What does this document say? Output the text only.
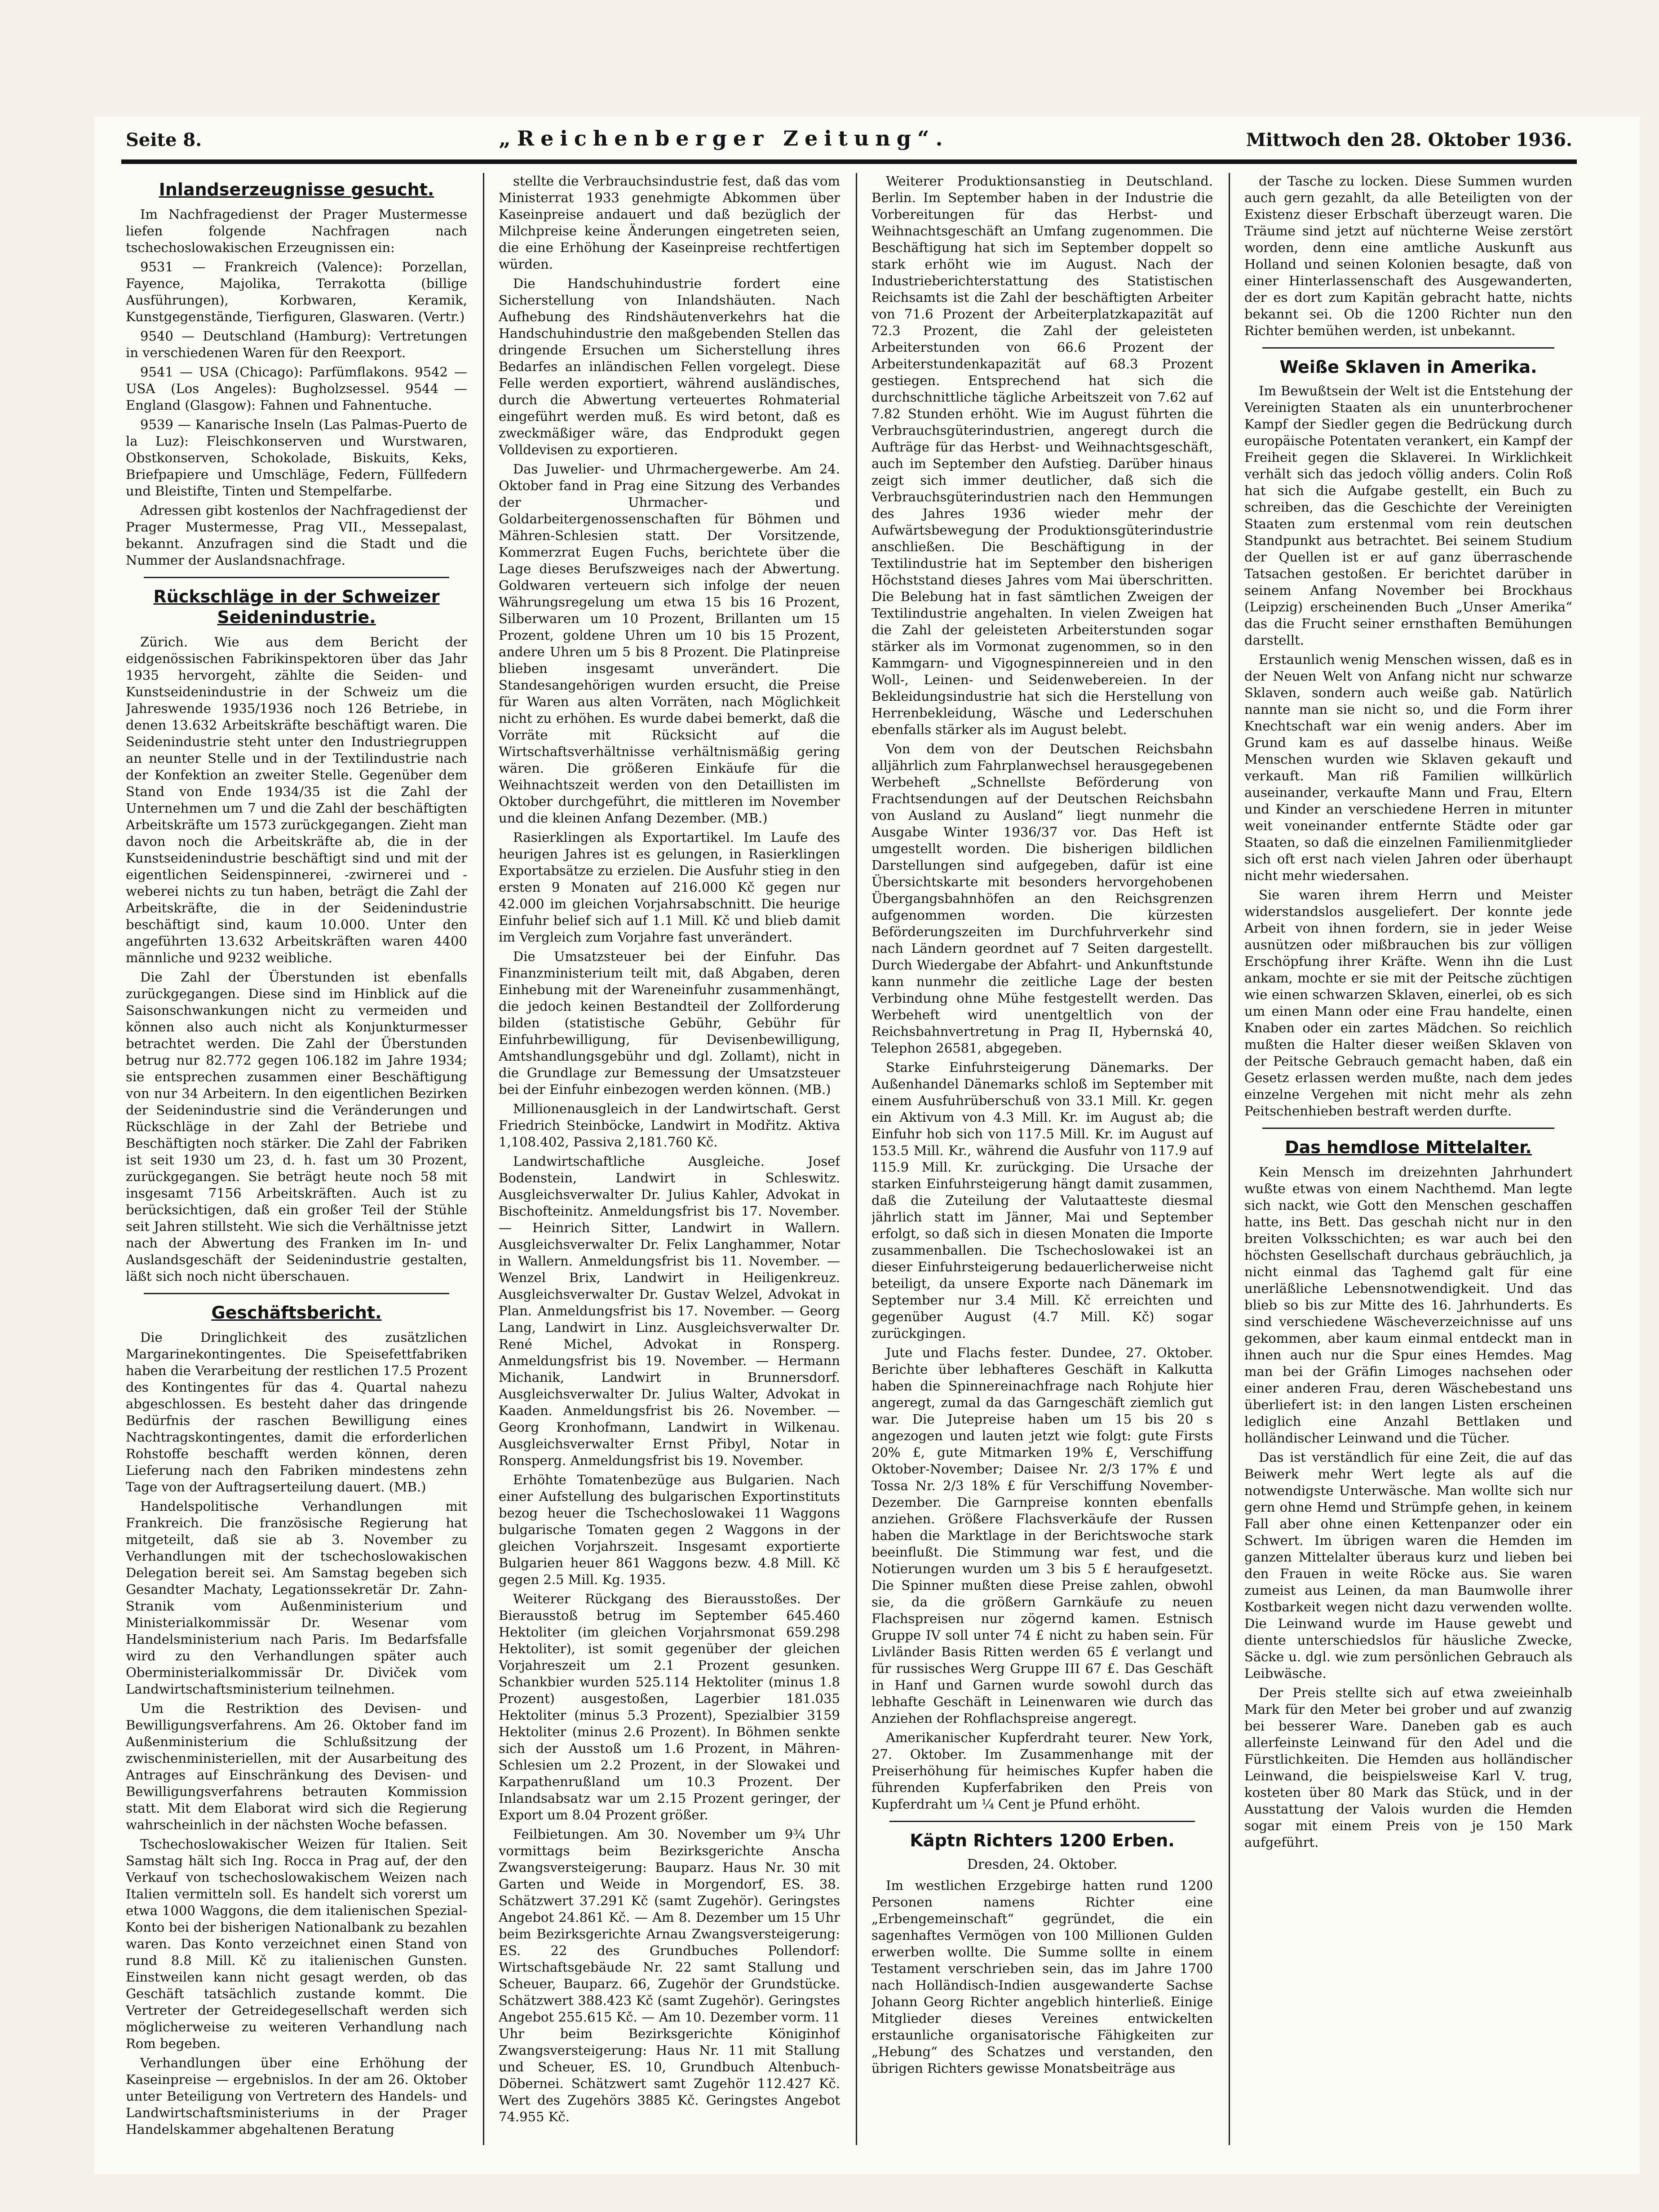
Seite 8.	„Reichenberger Zeitung“.	Mittwoch den 28. Oktober 1936.
Inlandserzeugnisse gesucht.

Im Nachfragedienst der Prager Mustermesse liefen folgende Nachfragen nach tschechoslowakischen Erzeugnissen ein:

9531 — Frankreich (Valence): Porzellan, Fayence, Majolika, Terrakotta (billige Ausführungen), Korbwaren, Keramik, Kunstgegenstände, Tierfiguren, Glaswaren. (Vertr.)

9540 — Deutschland (Hamburg): Vertretungen in verschiedenen Waren für den Reexport.

9541 — USA (Chicago): Parfümflakons. 9542 — USA (Los Angeles): Bugholzsessel. 9544 — England (Glasgow): Fahnen und Fahnentuche.

9539 — Kanarische Inseln (Las Palmas-Puerto de la Luz): Fleischkonserven und Wurstwaren, Obstkonserven, Schokolade, Biskuits, Keks, Briefpapiere und Umschläge, Federn, Füllfedern und Bleistifte, Tinten und Stempelfarbe.

Adressen gibt kostenlos der Nachfragedienst der Prager Mustermesse, Prag VII., Messepalast, bekannt. Anzufragen sind die Stadt und die Nummer der Auslandsnachfrage.

Rückschläge in der Schweizer Seidenindustrie.

Zürich. Wie aus dem Bericht der eidgenössischen Fabrikinspektoren über das Jahr 1935 hervorgeht, zählte die Seiden- und Kunstseidenindustrie in der Schweiz um die Jahreswende 1935/1936 noch 126 Betriebe, in denen 13.632 Arbeitskräfte beschäftigt waren. Die Seidenindustrie steht unter den Industriegruppen an neunter Stelle und in der Textilindustrie nach der Konfektion an zweiter Stelle. Gegenüber dem Stand von Ende 1934/35 ist die Zahl der Unternehmen um 7 und die Zahl der beschäftigten Arbeitskräfte um 1573 zurückgegangen. Zieht man davon noch die Arbeitskräfte ab, die in der Kunstseidenindustrie beschäftigt sind und mit der eigentlichen Seidenspinnerei, -zwirnerei und -weberei nichts zu tun haben, beträgt die Zahl der Arbeitskräfte, die in der Seidenindustrie beschäftigt sind, kaum 10.000. Unter den angeführten 13.632 Arbeitskräften waren 4400 männliche und 9232 weibliche.

Die Zahl der Überstunden ist ebenfalls zurückgegangen. Diese sind im Hinblick auf die Saisonschwankungen nicht zu vermeiden und können also auch nicht als Konjunkturmesser betrachtet werden. Die Zahl der Überstunden betrug nur 82.772 gegen 106.182 im Jahre 1934; sie entsprechen zusammen einer Beschäftigung von nur 34 Arbeitern. In den eigentlichen Bezirken der Seidenindustrie sind die Veränderungen und Rückschläge in der Zahl der Betriebe und Beschäftigten noch stärker. Die Zahl der Fabriken ist seit 1930 um 23, d. h. fast um 30 Prozent, zurückgegangen. Sie beträgt heute noch 58 mit insgesamt 7156 Arbeitskräften. Auch ist zu berücksichtigen, daß ein großer Teil der Stühle seit Jahren stillsteht. Wie sich die Verhältnisse jetzt nach der Abwertung des Franken im In- und Auslandsgeschäft der Seidenindustrie gestalten, läßt sich noch nicht überschauen.

Geschäftsbericht.

Die Dringlichkeit des zusätzlichen Margarinekontingentes. Die Speisefettfabriken haben die Verarbeitung der restlichen 17.5 Prozent des Kontingentes für das 4. Quartal nahezu abgeschlossen. Es besteht daher das dringende Bedürfnis der raschen Bewilligung eines Nachtragskontingentes, damit die erforderlichen Rohstoffe beschafft werden können, deren Lieferung nach den Fabriken mindestens zehn Tage von der Auftragserteilung dauert. (MB.)

Handelspolitische Verhandlungen mit Frankreich. Die französische Regierung hat mitgeteilt, daß sie ab 3. November zu Verhandlungen mit der tschechoslowakischen Delegation bereit sei. Am Samstag begeben sich Gesandter Machaty, Legationssekretär Dr. Zahn-Stranik vom Außenministerium und Ministerialkommissär Dr. Wesenar vom Handelsministerium nach Paris. Im Bedarfsfalle wird zu den Verhandlungen später auch Oberministerialkommissär Dr. Diviček vom Landwirtschaftsministerium teilnehmen.

Um die Restriktion des Devisen- und Bewilligungsverfahrens. Am 26. Oktober fand im Außenministerium die Schlußsitzung der zwischenministeriellen, mit der Ausarbeitung des Antrages auf Einschränkung des Devisen- und Bewilligungsverfahrens betrauten Kommission statt. Mit dem Elaborat wird sich die Regierung wahrscheinlich in der nächsten Woche befassen.

Tschechoslowakischer Weizen für Italien. Seit Samstag hält sich Ing. Rocca in Prag auf, der den Verkauf von tschechoslowakischem Weizen nach Italien vermitteln soll. Es handelt sich vorerst um etwa 1000 Waggons, die dem italienischen Spezial-Konto bei der bisherigen Nationalbank zu bezahlen waren. Das Konto verzeichnet einen Stand von rund 8.8 Mill. Kč zu italienischen Gunsten. Einstweilen kann nicht gesagt werden, ob das Geschäft tatsächlich zustande kommt. Die Vertreter der Getreidegesellschaft werden sich möglicherweise zu weiteren Verhandlung nach Rom begeben.

Verhandlungen über eine Erhöhung der Kaseinpreise — ergebnislos. In der am 26. Oktober unter Beteiligung von Vertretern des Handels- und Landwirtschaftsministeriums in der Prager Handelskammer abgehaltenen Beratung

stellte die Verbrauchsindustrie fest, daß das vom Ministerrat 1933 genehmigte Abkommen über Kaseinpreise andauert und daß bezüglich der Milchpreise keine Änderungen eingetreten seien, die eine Erhöhung der Kaseinpreise rechtfertigen würden.

Die Handschuhindustrie fordert eine Sicherstellung von Inlandshäuten. Nach Aufhebung des Rindshäutenverkehrs hat die Handschuhindustrie den maßgebenden Stellen das dringende Ersuchen um Sicherstellung ihres Bedarfes an inländischen Fellen vorgelegt. Diese Felle werden exportiert, während ausländisches, durch die Abwertung verteuertes Rohmaterial eingeführt werden muß. Es wird betont, daß es zweckmäßiger wäre, das Endprodukt gegen Volldevisen zu exportieren.

Das Juwelier- und Uhrmachergewerbe. Am 24. Oktober fand in Prag eine Sitzung des Verbandes der Uhrmacher- und Goldarbeitergenossenschaften für Böhmen und Mähren-Schlesien statt. Der Vorsitzende, Kommerzrat Eugen Fuchs, berichtete über die Lage dieses Berufszweiges nach der Abwertung. Goldwaren verteuern sich infolge der neuen Währungsregelung um etwa 15 bis 16 Prozent, Silberwaren um 10 Prozent, Brillanten um 15 Prozent, goldene Uhren um 10 bis 15 Prozent, andere Uhren um 5 bis 8 Prozent. Die Platinpreise blieben insgesamt unverändert. Die Standesangehörigen wurden ersucht, die Preise für Waren aus alten Vorräten, nach Möglichkeit nicht zu erhöhen. Es wurde dabei bemerkt, daß die Vorräte mit Rücksicht auf die Wirtschaftsverhältnisse verhältnismäßig gering wären. Die größeren Einkäufe für die Weihnachtszeit werden von den Detaillisten im Oktober durchgeführt, die mittleren im November und die kleinen Anfang Dezember. (MB.)

Rasierklingen als Exportartikel. Im Laufe des heurigen Jahres ist es gelungen, in Rasierklingen Exportabsätze zu erzielen. Die Ausfuhr stieg in den ersten 9 Monaten auf 216.000 Kč gegen nur 42.000 im gleichen Vorjahrsabschnitt. Die heurige Einfuhr belief sich auf 1.1 Mill. Kč und blieb damit im Vergleich zum Vorjahre fast unverändert.

Die Umsatzsteuer bei der Einfuhr. Das Finanzministerium teilt mit, daß Abgaben, deren Einhebung mit der Wareneinfuhr zusammenhängt, die jedoch keinen Bestandteil der Zollforderung bilden (statistische Gebühr, Gebühr für Einfuhrbewilligung, für Devisenbewilligung, Amtshandlungsgebühr und dgl. Zollamt), nicht in die Grundlage zur Bemessung der Umsatzsteuer bei der Einfuhr einbezogen werden können. (MB.)

Millionenausgleich in der Landwirtschaft. Gerst Friedrich Steinböcke, Landwirt in Modřitz. Aktiva 1,108.402, Passiva 2,181.760 Kč.

Landwirtschaftliche Ausgleiche. Josef Bodenstein, Landwirt in Schleswitz. Ausgleichsverwalter Dr. Julius Kahler, Advokat in Bischofteinitz. Anmeldungsfrist bis 17. November. — Heinrich Sitter, Landwirt in Wallern. Ausgleichsverwalter Dr. Felix Langhammer, Notar in Wallern. Anmeldungsfrist bis 11. November. — Wenzel Brix, Landwirt in Heiligenkreuz. Ausgleichsverwalter Dr. Gustav Welzel, Advokat in Plan. Anmeldungsfrist bis 17. November. — Georg Lang, Landwirt in Linz. Ausgleichsverwalter Dr. René Michel, Advokat in Ronsperg. Anmeldungsfrist bis 19. November. — Hermann Michanik, Landwirt in Brunnersdorf. Ausgleichsverwalter Dr. Julius Walter, Advokat in Kaaden. Anmeldungsfrist bis 26. November. — Georg Kronhofmann, Landwirt in Wilkenau. Ausgleichsverwalter Ernst Přibyl, Notar in Ronsperg. Anmeldungsfrist bis 19. November.

Erhöhte Tomatenbezüge aus Bulgarien. Nach einer Aufstellung des bulgarischen Exportinstituts bezog heuer die Tschechoslowakei 11 Waggons bulgarische Tomaten gegen 2 Waggons in der gleichen Vorjahrszeit. Insgesamt exportierte Bulgarien heuer 861 Waggons bezw. 4.8 Mill. Kč gegen 2.5 Mill. Kg. 1935.

Weiterer Rückgang des Bierausstoßes. Der Bierausstoß betrug im September 645.460 Hektoliter (im gleichen Vorjahrsmonat 659.298 Hektoliter), ist somit gegenüber der gleichen Vorjahreszeit um 2.1 Prozent gesunken. Schankbier wurden 525.114 Hektoliter (minus 1.8 Prozent) ausgestoßen, Lagerbier 181.035 Hektoliter (minus 5.3 Prozent), Spezialbier 3159 Hektoliter (minus 2.6 Prozent). In Böhmen senkte sich der Ausstoß um 1.6 Prozent, in Mähren-Schlesien um 2.2 Prozent, in der Slowakei und Karpathenrußland um 10.3 Prozent. Der Inlandsabsatz war um 2.15 Prozent geringer, der Export um 8.04 Prozent größer.

Feilbietungen. Am 30. November um 9¾ Uhr vormittags beim Bezirksgerichte Anscha Zwangsversteigerung: Bauparz. Haus Nr. 30 mit Garten und Weide in Morgendorf, ES. 38. Schätzwert 37.291 Kč (samt Zugehör). Geringstes Angebot 24.861 Kč. — Am 8. Dezember um 15 Uhr beim Bezirksgerichte Arnau Zwangsversteigerung: ES. 22 des Grundbuches Pollendorf: Wirtschaftsgebäude Nr. 22 samt Stallung und Scheuer, Bauparz. 66, Zugehör der Grundstücke. Schätzwert 388.423 Kč (samt Zugehör). Geringstes Angebot 255.615 Kč. — Am 10. Dezember vorm. 11 Uhr beim Bezirksgerichte Königinhof Zwangsversteigerung: Haus Nr. 11 mit Stallung und Scheuer, ES. 10, Grundbuch Altenbuch-Döbernei. Schätzwert samt Zugehör 112.427 Kč. Wert des Zugehörs 3885 Kč. Geringstes Angebot 74.955 Kč.

Weiterer Produktionsanstieg in Deutschland. Berlin. Im September haben in der Industrie die Vorbereitungen für das Herbst- und Weihnachtsgeschäft an Umfang zugenommen. Die Beschäftigung hat sich im September doppelt so stark erhöht wie im August. Nach der Industrieberichterstattung des Statistischen Reichsamts ist die Zahl der beschäftigten Arbeiter von 71.6 Prozent der Arbeiterplatzkapazität auf 72.3 Prozent, die Zahl der geleisteten Arbeiterstunden von 66.6 Prozent der Arbeiterstundenkapazität auf 68.3 Prozent gestiegen. Entsprechend hat sich die durchschnittliche tägliche Arbeitszeit von 7.62 auf 7.82 Stunden erhöht. Wie im August führten die Verbrauchsgüterindustrien, angeregt durch die Aufträge für das Herbst- und Weihnachtsgeschäft, auch im September den Aufstieg. Darüber hinaus zeigt sich immer deutlicher, daß sich die Verbrauchsgüterindustrien nach den Hemmungen des Jahres 1936 wieder mehr der Aufwärtsbewegung der Produktionsgüterindustrie anschließen. Die Beschäftigung in der Textilindustrie hat im September den bisherigen Höchststand dieses Jahres vom Mai überschritten. Die Belebung hat in fast sämtlichen Zweigen der Textilindustrie angehalten. In vielen Zweigen hat die Zahl der geleisteten Arbeiterstunden sogar stärker als im Vormonat zugenommen, so in den Kammgarn- und Vigognespinnereien und in den Woll-, Leinen- und Seidenwebereien. In der Bekleidungsindustrie hat sich die Herstellung von Herrenbekleidung, Wäsche und Lederschuhen ebenfalls stärker als im August belebt.

Von dem von der Deutschen Reichsbahn alljährlich zum Fahrplanwechsel herausgegebenen Werbeheft „Schnellste Beförderung von Frachtsendungen auf der Deutschen Reichsbahn von Ausland zu Ausland“ liegt nunmehr die Ausgabe Winter 1936/37 vor. Das Heft ist umgestellt worden. Die bisherigen bildlichen Darstellungen sind aufgegeben, dafür ist eine Übersichtskarte mit besonders hervorgehobenen Übergangsbahnhöfen an den Reichsgrenzen aufgenommen worden. Die kürzesten Beförderungszeiten im Durchfuhrverkehr sind nach Ländern geordnet auf 7 Seiten dargestellt. Durch Wiedergabe der Abfahrt- und Ankunftstunde kann nunmehr die zeitliche Lage der besten Verbindung ohne Mühe festgestellt werden. Das Werbeheft wird unentgeltlich von der Reichsbahnvertretung in Prag II, Hybernská 40, Telephon 26581, abgegeben.

Starke Einfuhrsteigerung Dänemarks. Der Außenhandel Dänemarks schloß im September mit einem Ausfuhrüberschuß von 33.1 Mill. Kr. gegen ein Aktivum von 4.3 Mill. Kr. im August ab; die Einfuhr hob sich von 117.5 Mill. Kr. im August auf 153.5 Mill. Kr., während die Ausfuhr von 117.9 auf 115.9 Mill. Kr. zurückging. Die Ursache der starken Einfuhrsteigerung hängt damit zusammen, daß die Zuteilung der Valutaatteste diesmal jährlich statt im Jänner, Mai und September erfolgt, so daß sich in diesen Monaten die Importe zusammenballen. Die Tschechoslowakei ist an dieser Einfuhrsteigerung bedauerlicherweise nicht beteiligt, da unsere Exporte nach Dänemark im September nur 3.4 Mill. Kč erreichten und gegenüber August (4.7 Mill. Kč) sogar zurückgingen.

Jute und Flachs fester. Dundee, 27. Oktober. Berichte über lebhafteres Geschäft in Kalkutta haben die Spinnereinachfrage nach Rohjute hier angeregt, zumal da das Garngeschäft ziemlich gut war. Die Jutepreise haben um 15 bis 20 s angezogen und lauten jetzt wie folgt: gute Firsts 20% £, gute Mitmarken 19% £, Verschiffung Oktober-November; Daisee Nr. 2/3 17% £ und Tossa Nr. 2/3 18% £ für Verschiffung November-Dezember. Die Garnpreise konnten ebenfalls anziehen. Größere Flachsverkäufe der Russen haben die Marktlage in der Berichtswoche stark beeinflußt. Die Stimmung war fest, und die Notierungen wurden um 3 bis 5 £ heraufgesetzt. Die Spinner mußten diese Preise zahlen, obwohl sie, da die größern Garnkäufe zu neuen Flachspreisen nur zögernd kamen. Estnisch Gruppe IV soll unter 74 £ nicht zu haben sein. Für Livländer Basis Ritten werden 65 £ verlangt und für russisches Werg Gruppe III 67 £. Das Geschäft in Hanf und Garnen wurde sowohl durch das lebhafte Geschäft in Leinenwaren wie durch das Anziehen der Rohflachspreise angeregt.

Amerikanischer Kupferdraht teurer. New York, 27. Oktober. Im Zusammenhange mit der Preiserhöhung für heimisches Kupfer haben die führenden Kupferfabriken den Preis von Kupferdraht um ¼ Cent je Pfund erhöht.

Käptn Richters 1200 Erben.
Dresden, 24. Oktober.

Im westlichen Erzgebirge hatten rund 1200 Personen namens Richter eine „Erbengemeinschaft“ gegründet, die ein sagenhaftes Vermögen von 100 Millionen Gulden erwerben wollte. Die Summe sollte in einem Testament verschrieben sein, das im Jahre 1700 nach Holländisch-Indien ausgewanderte Sachse Johann Georg Richter angeblich hinterließ. Einige Mitglieder dieses Vereines entwickelten erstaunliche organisatorische Fähigkeiten zur „Hebung“ des Schatzes und verstanden, den übrigen Richters gewisse Monatsbeiträge aus

der Tasche zu locken. Diese Summen wurden auch gern gezahlt, da alle Beteiligten von der Existenz dieser Erbschaft überzeugt waren. Die Träume sind jetzt auf nüchterne Weise zerstört worden, denn eine amtliche Auskunft aus Holland und seinen Kolonien besagte, daß von einer Hinterlassenschaft des Ausgewanderten, der es dort zum Kapitän gebracht hatte, nichts bekannt sei. Ob die 1200 Richter nun den Richter bemühen werden, ist unbekannt.

Weiße Sklaven in Amerika.

Im Bewußtsein der Welt ist die Entstehung der Vereinigten Staaten als ein ununterbrochener Kampf der Siedler gegen die Bedrückung durch europäische Potentaten verankert, ein Kampf der Freiheit gegen die Sklaverei. In Wirklichkeit verhält sich das jedoch völlig anders. Colin Roß hat sich die Aufgabe gestellt, ein Buch zu schreiben, das die Geschichte der Vereinigten Staaten zum erstenmal vom rein deutschen Standpunkt aus betrachtet. Bei seinem Studium der Quellen ist er auf ganz überraschende Tatsachen gestoßen. Er berichtet darüber in seinem Anfang November bei Brockhaus (Leipzig) erscheinenden Buch „Unser Amerika“ das die Frucht seiner ernsthaften Bemühungen darstellt.

Erstaunlich wenig Menschen wissen, daß es in der Neuen Welt von Anfang nicht nur schwarze Sklaven, sondern auch weiße gab. Natürlich nannte man sie nicht so, und die Form ihrer Knechtschaft war ein wenig anders. Aber im Grund kam es auf dasselbe hinaus. Weiße Menschen wurden wie Sklaven gekauft und verkauft. Man riß Familien willkürlich auseinander, verkaufte Mann und Frau, Eltern und Kinder an verschiedene Herren in mitunter weit voneinander entfernte Städte oder gar Staaten, so daß die einzelnen Familienmitglieder sich oft erst nach vielen Jahren oder überhaupt nicht mehr wiedersahen.

Sie waren ihrem Herrn und Meister widerstandslos ausgeliefert. Der konnte jede Arbeit von ihnen fordern, sie in jeder Weise ausnützen oder mißbrauchen bis zur völligen Erschöpfung ihrer Kräfte. Wenn ihn die Lust ankam, mochte er sie mit der Peitsche züchtigen wie einen schwarzen Sklaven, einerlei, ob es sich um einen Mann oder eine Frau handelte, einen Knaben oder ein zartes Mädchen. So reichlich mußten die Halter dieser weißen Sklaven von der Peitsche Gebrauch gemacht haben, daß ein Gesetz erlassen werden mußte, nach dem jedes einzelne Vergehen mit nicht mehr als zehn Peitschenhieben bestraft werden durfte.

Das hemdlose Mittelalter.

Kein Mensch im dreizehnten Jahrhundert wußte etwas von einem Nachthemd. Man legte sich nackt, wie Gott den Menschen geschaffen hatte, ins Bett. Das geschah nicht nur in den breiten Volksschichten; es war auch bei den höchsten Gesellschaft durchaus gebräuchlich, ja nicht einmal das Taghemd galt für eine unerläßliche Lebensnotwendigkeit. Und das blieb so bis zur Mitte des 16. Jahrhunderts. Es sind verschiedene Wäscheverzeichnisse auf uns gekommen, aber kaum einmal entdeckt man in ihnen auch nur die Spur eines Hemdes. Mag man bei der Gräfin Limoges nachsehen oder einer anderen Frau, deren Wäschebestand uns überliefert ist: in den langen Listen erscheinen lediglich eine Anzahl Bettlaken und holländischer Leinwand und die Tücher.

Das ist verständlich für eine Zeit, die auf das Beiwerk mehr Wert legte als auf die notwendigste Unterwäsche. Man wollte sich nur gern ohne Hemd und Strümpfe gehen, in keinem Fall aber ohne einen Kettenpanzer oder ein Schwert. Im übrigen waren die Hemden im ganzen Mittelalter überaus kurz und lieben bei den Frauen in weite Röcke aus. Sie waren zumeist aus Leinen, da man Baumwolle ihrer Kostbarkeit wegen nicht dazu verwenden wollte. Die Leinwand wurde im Hause gewebt und diente unterschiedslos für häusliche Zwecke, Säcke u. dgl. wie zum persönlichen Gebrauch als Leibwäsche.

Der Preis stellte sich auf etwa zweieinhalb Mark für den Meter bei grober und auf zwanzig bei besserer Ware. Daneben gab es auch allerfeinste Leinwand für den Adel und die Fürstlichkeiten. Die Hemden aus holländischer Leinwand, die beispielsweise Karl V. trug, kosteten über 80 Mark das Stück, und in der Ausstattung der Valois wurden die Hemden sogar mit einem Preis von je 150 Mark aufgeführt.
